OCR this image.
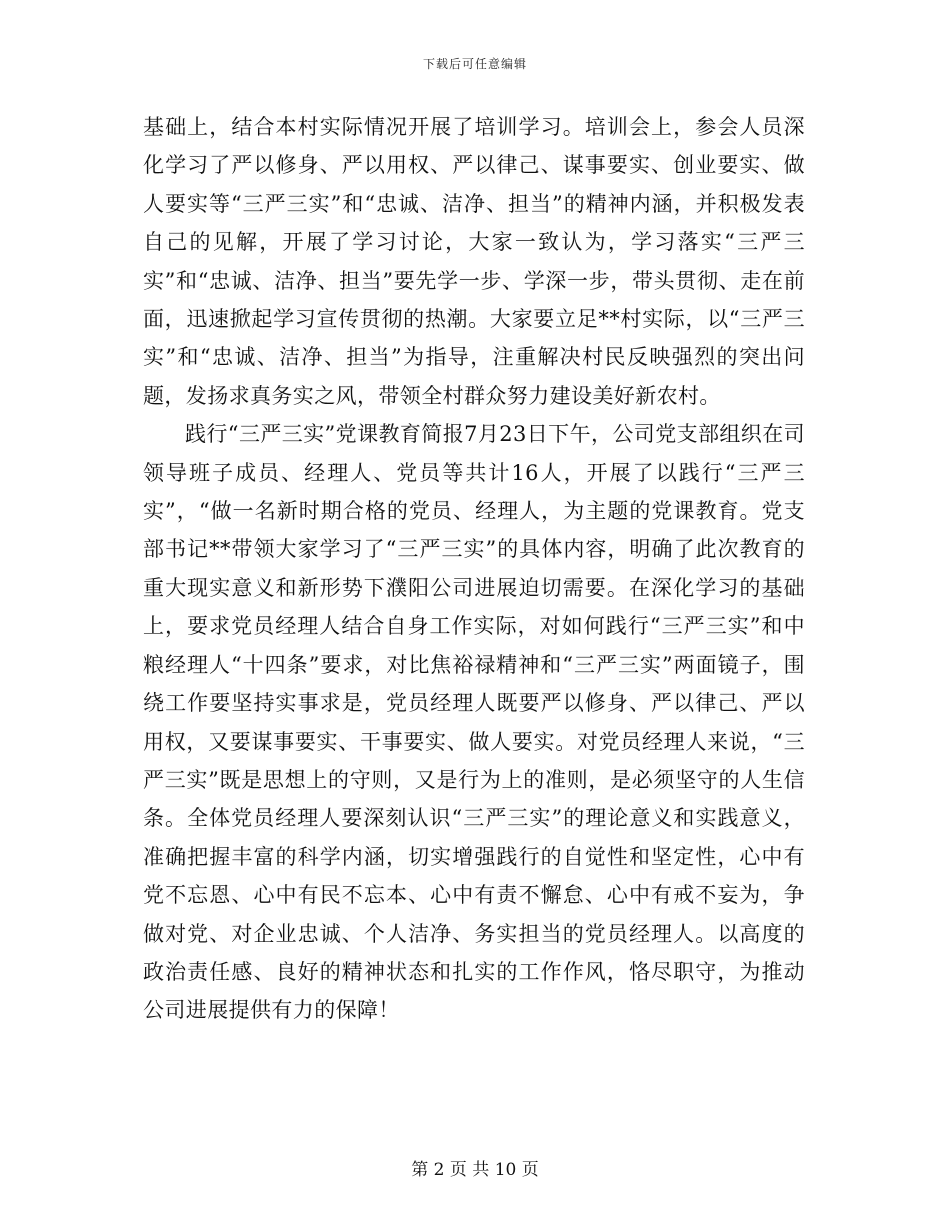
下载后可任意编辑

基础上，结合本村实际情况开展了培训学习。培训会上，参会人员深化学习了严以修身、严以用权、严以律己、谋事要实、创业要实、做人要实等“三严三实”和“忠诚、洁净、担当”的精神内涵，并积极发表自己的见解，开展了学习讨论，大家一致认为，学习落实“三严三实”和“忠诚、洁净、担当”要先学一步、学深一步，带头贯彻、走在前面，迅速掀起学习宣传贯彻的热潮。大家要立足**村实际，以“三严三实”和“忠诚、洁净、担当”为指导，注重解决村民反映强烈的突出问题，发扬求真务实之风，带领全村群众努力建设美好新农村。

践行“三严三实”党课教育简报7月23日下午，公司党支部组织在司领导班子成员、经理人、党员等共计16人，开展了以践行“三严三实”，“做一名新时期合格的党员、经理人，为主题的党课教育。党支部书记**带领大家学习了“三严三实”的具体内容，明确了此次教育的重大现实意义和新形势下濮阳公司进展迫切需要。在深化学习的基础上，要求党员经理人结合自身工作实际，对如何践行“三严三实”和中粮经理人“十四条”要求，对比焦裕禄精神和“三严三实”两面镜子，围绕工作要坚持实事求是，党员经理人既要严以修身、严以律己、严以用权，又要谋事要实、干事要实、做人要实。对党员经理人来说，“三严三实”既是思想上的守则，又是行为上的准则，是必须坚守的人生信条。全体党员经理人要深刻认识“三严三实”的理论意义和实践意义，准确把握丰富的科学内涵，切实增强践行的自觉性和坚定性，心中有党不忘恩、心中有民不忘本、心中有责不懈怠、心中有戒不妄为，争做对党、对企业忠诚、个人洁净、务实担当的党员经理人。以高度的政治责任感、良好的精神状态和扎实的工作作风，恪尽职守，为推动公司进展提供有力的保障！

第 2 页 共 10 页
